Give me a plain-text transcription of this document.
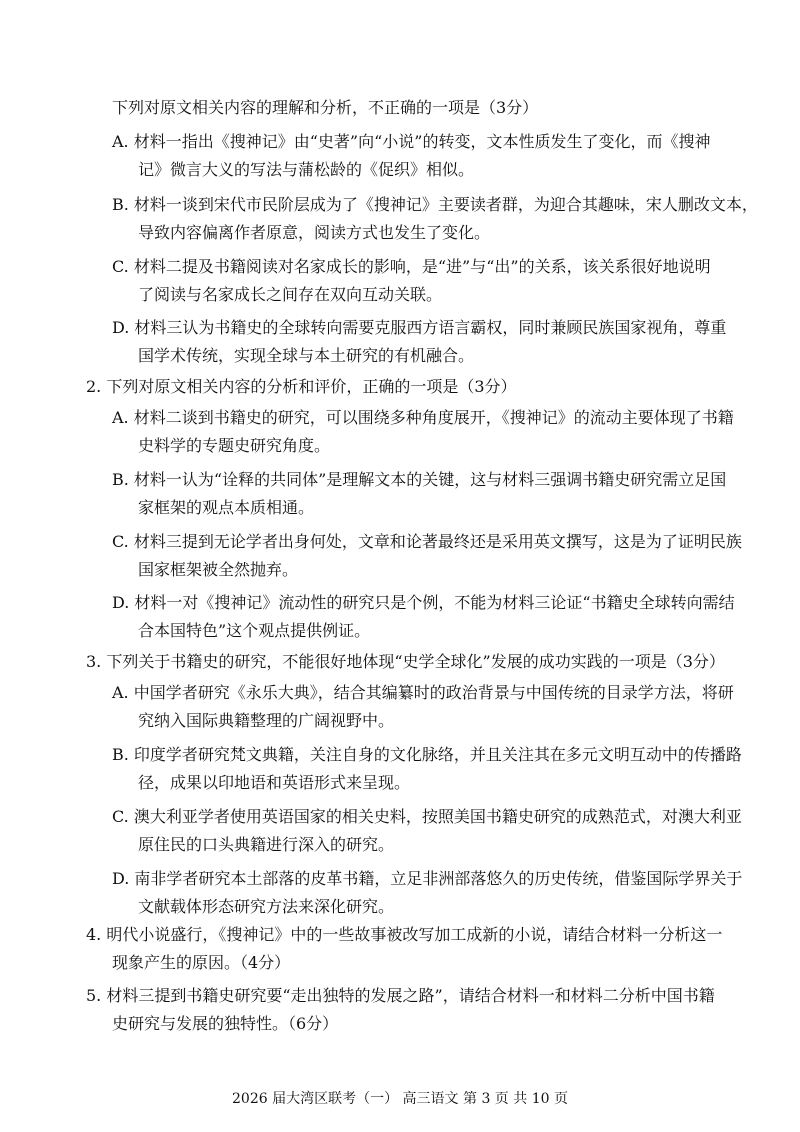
下列对原文相关内容的理解和分析，不正确的一项是（3分）
A. 材料一指出《搜神记》由“史著”向“小说”的转变，文本性质发生了变化，而《搜神
记》微言大义的写法与蒲松龄的《促织》相似。
B. 材料一谈到宋代市民阶层成为了《搜神记》主要读者群，为迎合其趣味，宋人删改文本，
导致内容偏离作者原意，阅读方式也发生了变化。
C. 材料二提及书籍阅读对名家成长的影响，是“进”与“出”的关系，该关系很好地说明
了阅读与名家成长之间存在双向互动关联。
D. 材料三认为书籍史的全球转向需要克服西方语言霸权，同时兼顾民族国家视角，尊重
国学术传统，实现全球与本土研究的有机融合。
2. 下列对原文相关内容的分析和评价，正确的一项是（3分）
A. 材料二谈到书籍史的研究，可以围绕多种角度展开，《搜神记》的流动主要体现了书籍
史料学的专题史研究角度。
B. 材料一认为“诠释的共同体”是理解文本的关键，这与材料三强调书籍史研究需立足国
家框架的观点本质相通。
C. 材料三提到无论学者出身何处，文章和论著最终还是采用英文撰写，这是为了证明民族
国家框架被全然抛弃。
D. 材料一对《搜神记》流动性的研究只是个例，不能为材料三论证“书籍史全球转向需结
合本国特色”这个观点提供例证。
3. 下列关于书籍史的研究，不能很好地体现“史学全球化”发展的成功实践的一项是（3分）
A. 中国学者研究《永乐大典》，结合其编纂时的政治背景与中国传统的目录学方法，将研
究纳入国际典籍整理的广阔视野中。
B. 印度学者研究梵文典籍，关注自身的文化脉络，并且关注其在多元文明互动中的传播路
径，成果以印地语和英语形式来呈现。
C. 澳大利亚学者使用英语国家的相关史料，按照美国书籍史研究的成熟范式，对澳大利亚
原住民的口头典籍进行深入的研究。
D. 南非学者研究本土部落的皮革书籍，立足非洲部落悠久的历史传统，借鉴国际学界关于
文献载体形态研究方法来深化研究。
4. 明代小说盛行，《搜神记》中的一些故事被改写加工成新的小说，请结合材料一分析这一
现象产生的原因。（4分）
5. 材料三提到书籍史研究要“走出独特的发展之路”，请结合材料一和材料二分析中国书籍
史研究与发展的独特性。（6分）
2026 届大湾区联考（一） 高三语文 第 3 页 共 10 页
